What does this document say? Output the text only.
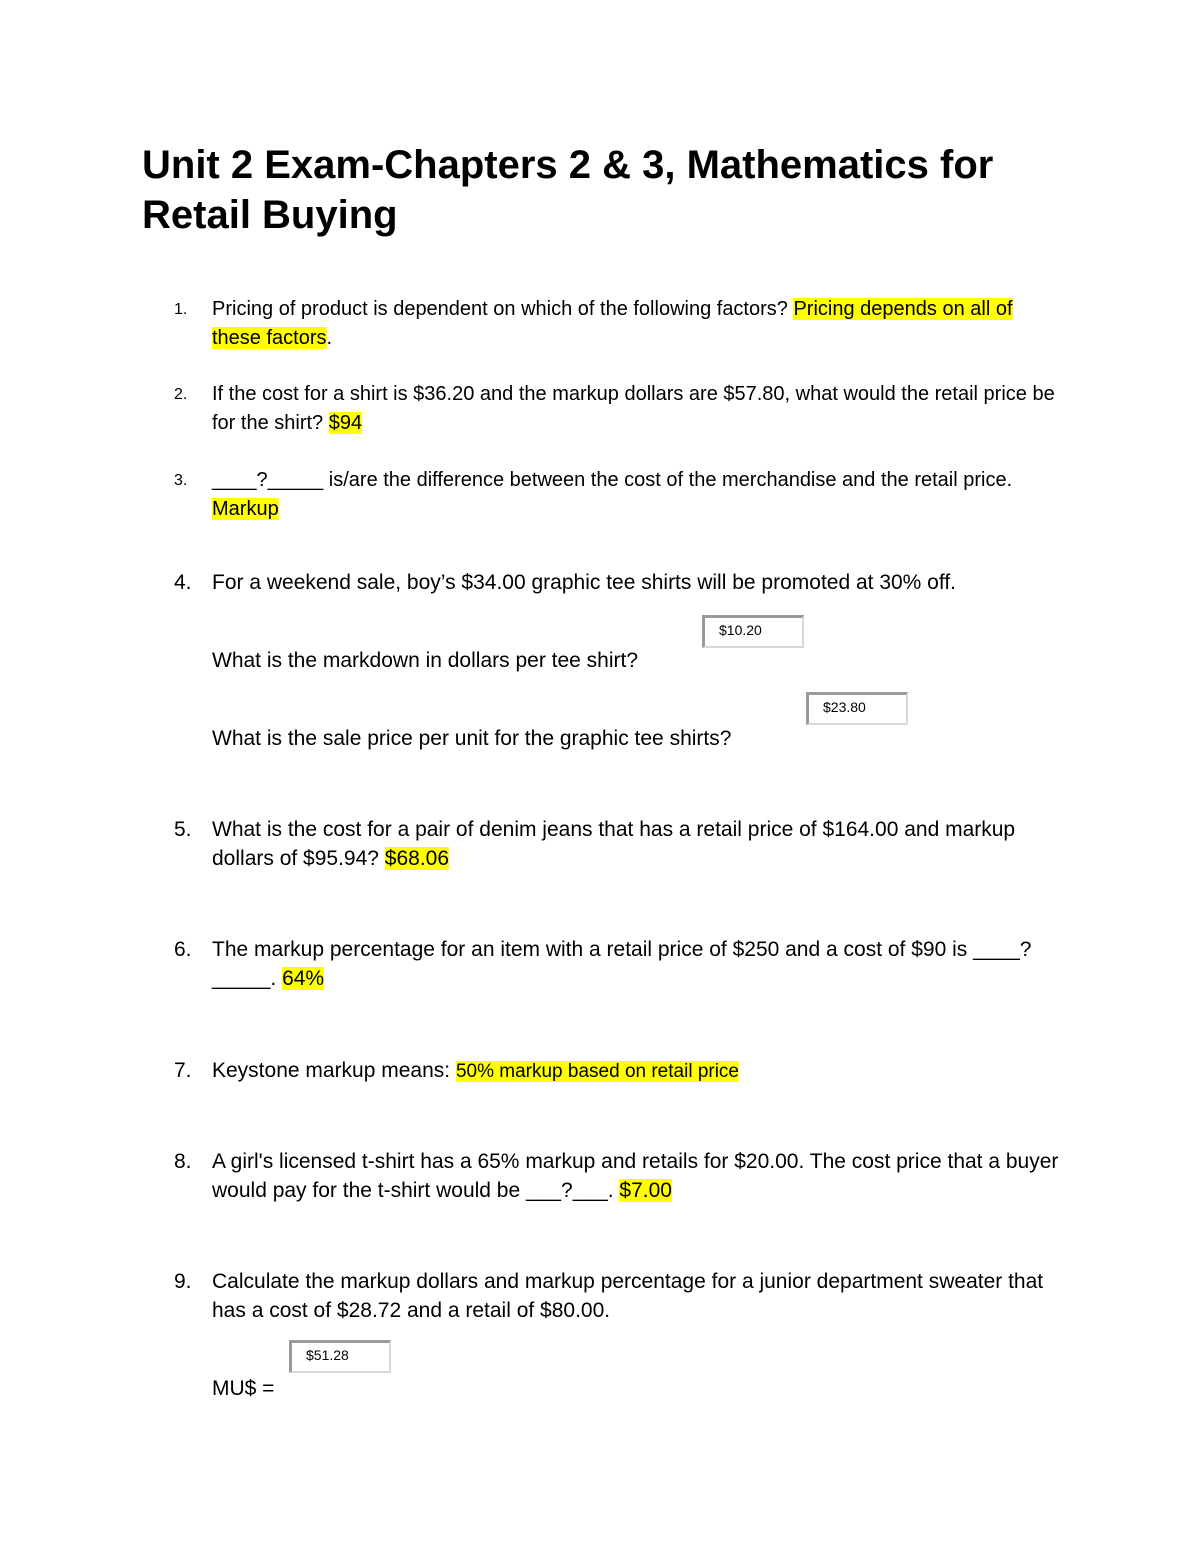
Unit 2 Exam-Chapters 2 & 3, Mathematics for Retail Buying
1.	Pricing of product is dependent on which of the following factors? Pricing depends on all of these factors.
2.	If the cost for a shirt is $36.20 and the markup dollars are $57.80, what would the retail price be for the shirt? $94
3.	____?_____ is/are the difference between the cost of the merchandise and the retail price. Markup
4. For a weekend sale, boy’s $34.00 graphic tee shirts will be promoted at 30% off.
What is the markdown in dollars per tee shirt?
$10.20
What is the sale price per unit for the graphic tee shirts?
$23.80
5. What is the cost for a pair of denim jeans that has a retail price of $164.00 and markup dollars of $95.94? $68.06
6. The markup percentage for an item with a retail price of $250 and a cost of $90 is ____?_____. 64%
7. Keystone markup means: 50% markup based on retail price
8. A girl's licensed t-shirt has a 65% markup and retails for $20.00. The cost price that a buyer would pay for the t-shirt would be ___?___. $7.00
9. Calculate the markup dollars and markup percentage for a junior department sweater that has a cost of $28.72 and a retail of $80.00.
MU$ =
$51.28
